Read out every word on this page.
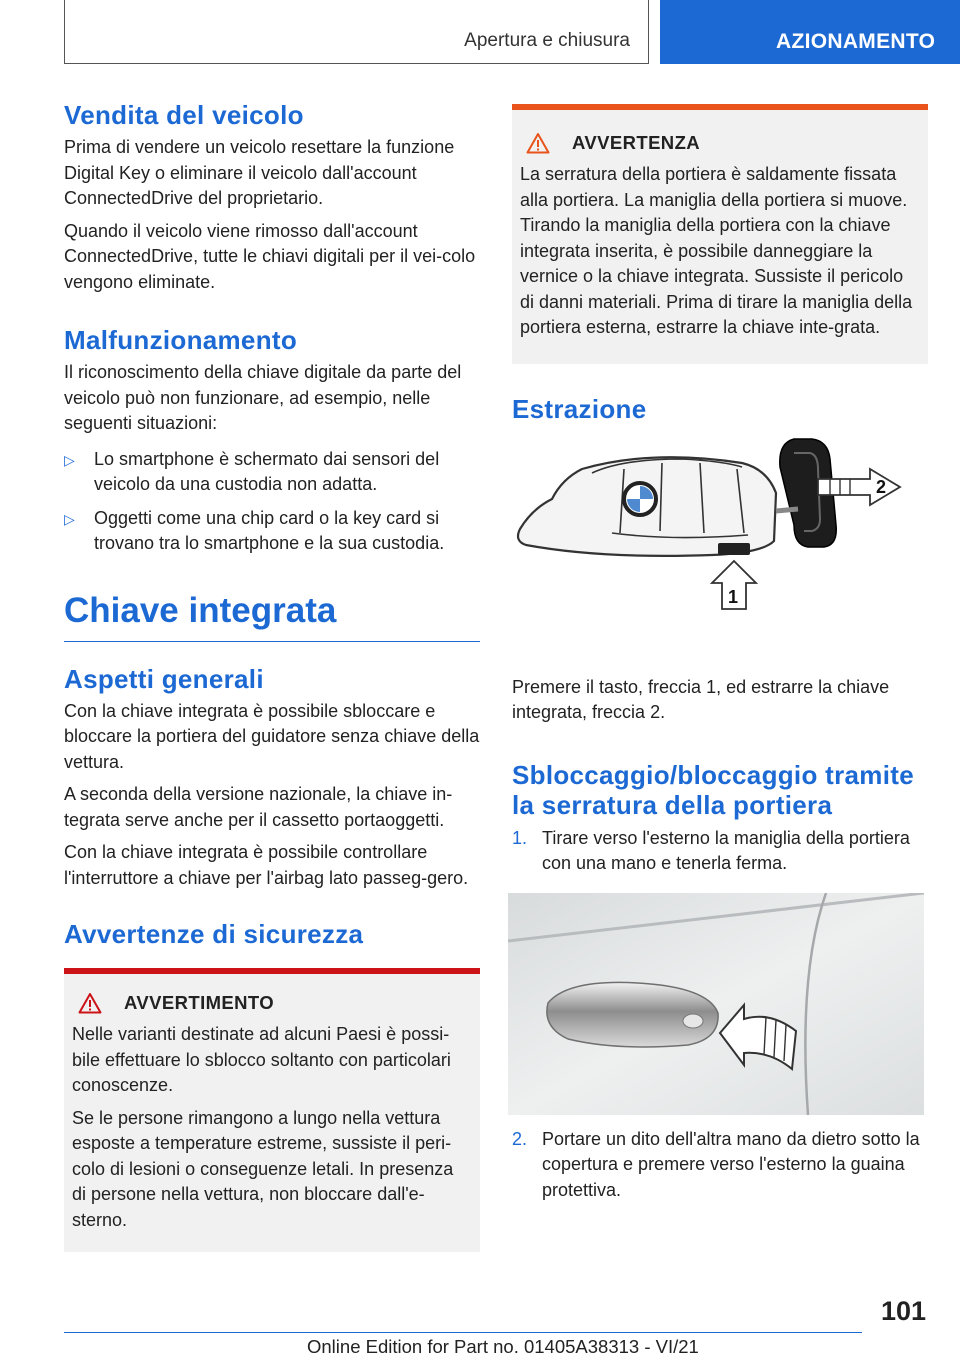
Apertura e chiusura	AZIONAMENTO
Vendita del veicolo

Prima di vendere un veicolo resettare la funzione Digital Key o eliminare il veicolo dall'account ConnectedDrive del proprietario.

Quando il veicolo viene rimosso dall'account ConnectedDrive, tutte le chiavi digitali per il vei‐colo vengono eliminate.

Malfunzionamento

Il riconoscimento della chiave digitale da parte del veicolo può non funzionare, ad esempio, nelle seguenti situazioni:

▷ Lo smartphone è schermato dai sensori del veicolo da una custodia non adatta.
▷ Oggetti come una chip card o la key card si trovano tra lo smartphone e la sua custodia.
Chiave integrata
Aspetti generali

Con la chiave integrata è possibile sbloccare e bloccare la portiera del guidatore senza chiave della vettura.

A seconda della versione nazionale, la chiave in‐tegrata serve anche per il cassetto portaoggetti.

Con la chiave integrata è possibile controllare l'interruttore a chiave per l'airbag lato passeg‐gero.

Avvertenze di sicurezza
AVVERTIMENTO

Nelle varianti destinate ad alcuni Paesi è possi‐bile effettuare lo sblocco soltanto con particolari conoscenze.

Se le persone rimangono a lungo nella vettura esposte a temperature estreme, sussiste il peri‐colo di lesioni o conseguenze letali. In presenza di persone nella vettura, non bloccare dall'e‐sterno.

AVVERTENZA

La serratura della portiera è saldamente fissata alla portiera. La maniglia della portiera si muove. Tirando la maniglia della portiera con la chiave integrata inserita, è possibile danneggiare la vernice o la chiave integrata. Sussiste il pericolo di danni materiali. Prima di tirare la maniglia della portiera esterna, estrarre la chiave inte‐grata.

Estrazione
2
1

Premere il tasto, freccia 1, ed estrarre la chiave integrata, freccia 2.

Sbloccaggio/bloccaggio tramite la serratura della portiera
1. Tirare verso l'esterno la maniglia della portiera con una mano e tenerla ferma.
2. Portare un dito dell'altra mano da dietro sotto la copertura e premere verso l'esterno la guaina protettiva.
101
Online Edition for Part no. 01405A38313 - VI/21
